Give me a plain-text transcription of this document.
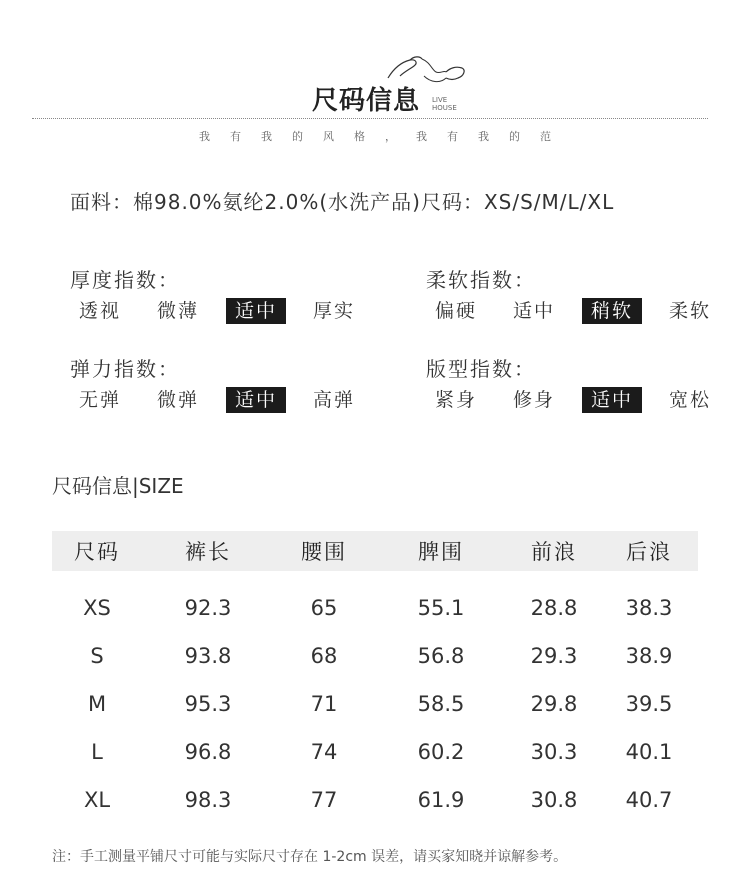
尺码信息 LIVE
HOUSE
我 有 我 的 风 格 ， 我 有 我 的 范
面料：棉98.0%氨纶2.0%(水洗产品)尺码：XS/S/M/L/XL
厚度指数：
透视	微薄	适中	厚实
柔软指数：
偏硬	适中	稍软	柔软
弹力指数：
无弹	微弹	适中	高弹
版型指数：
紧身	修身	适中	宽松
尺码信息|SIZE
尺码	裤长	腰围	脾围	前浪	后浪
XS	92.3	65	55.1	28.8	38.3
S	93.8	68	56.8	29.3	38.9
M	95.3	71	58.5	29.8	39.5
L	96.8	74	60.2	30.3	40.1
XL	98.3	77	61.9	30.8	40.7
注：手工测量平铺尺寸可能与实际尺寸存在 1-2cm 误差，请买家知晓并谅解参考。
